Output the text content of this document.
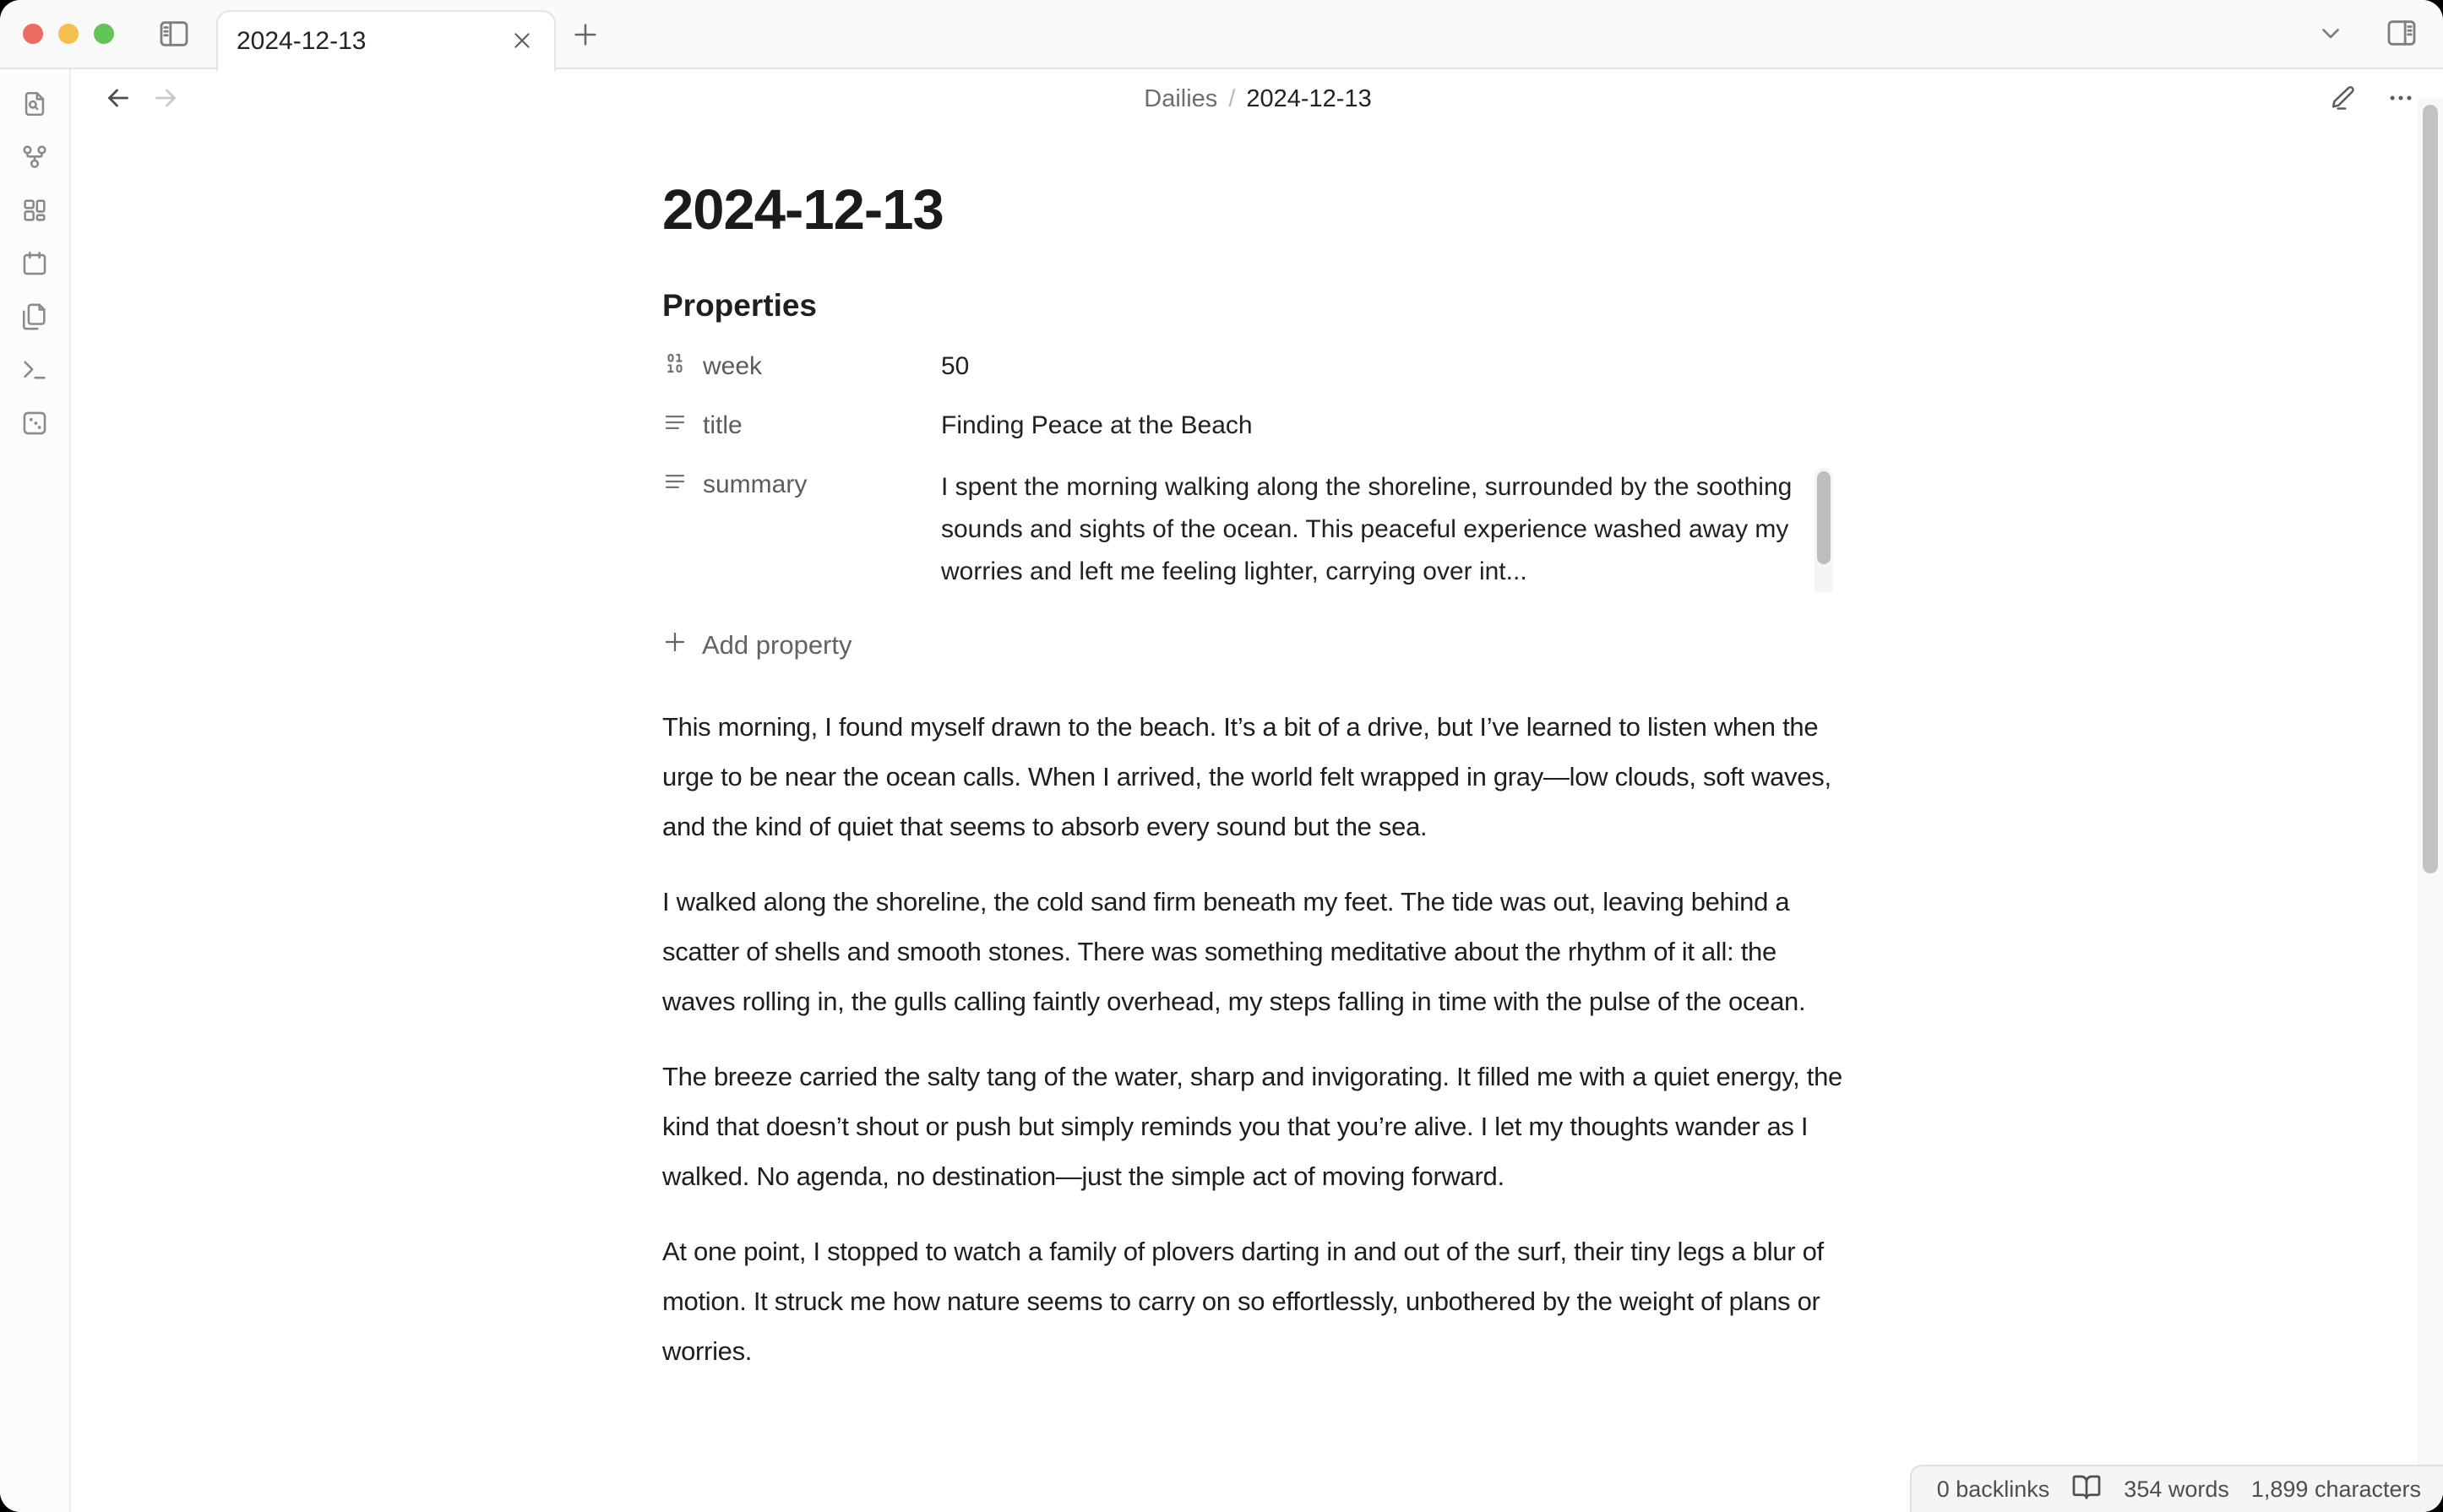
2024-12-13
Dailies / 2024-12-13
2024-12-13
Properties
week	50
title	Finding Peace at the Beach
summary	I spent the morning walking along the shoreline, surrounded by the soothing sounds and sights of the ocean. This peaceful experience washed away my worries and left me feeling lighter, carrying over int...
Add property

This morning, I found myself drawn to the beach. It’s a bit of a drive, but I’ve learned to listen when the urge to be near the ocean calls. When I arrived, the world felt wrapped in gray—low clouds, soft waves, and the kind of quiet that seems to absorb every sound but the sea.

I walked along the shoreline, the cold sand firm beneath my feet. The tide was out, leaving behind a scatter of shells and smooth stones. There was something meditative about the rhythm of it all: the waves rolling in, the gulls calling faintly overhead, my steps falling in time with the pulse of the ocean.

The breeze carried the salty tang of the water, sharp and invigorating. It filled me with a quiet energy, the kind that doesn’t shout or push but simply reminds you that you’re alive. I let my thoughts wander as I walked. No agenda, no destination—just the simple act of moving forward.

At one point, I stopped to watch a family of plovers darting in and out of the surf, their tiny legs a blur of motion. It struck me how nature seems to carry on so effortlessly, unbothered by the weight of plans or worries.

0 backlinks	354 words 1,899 characters
